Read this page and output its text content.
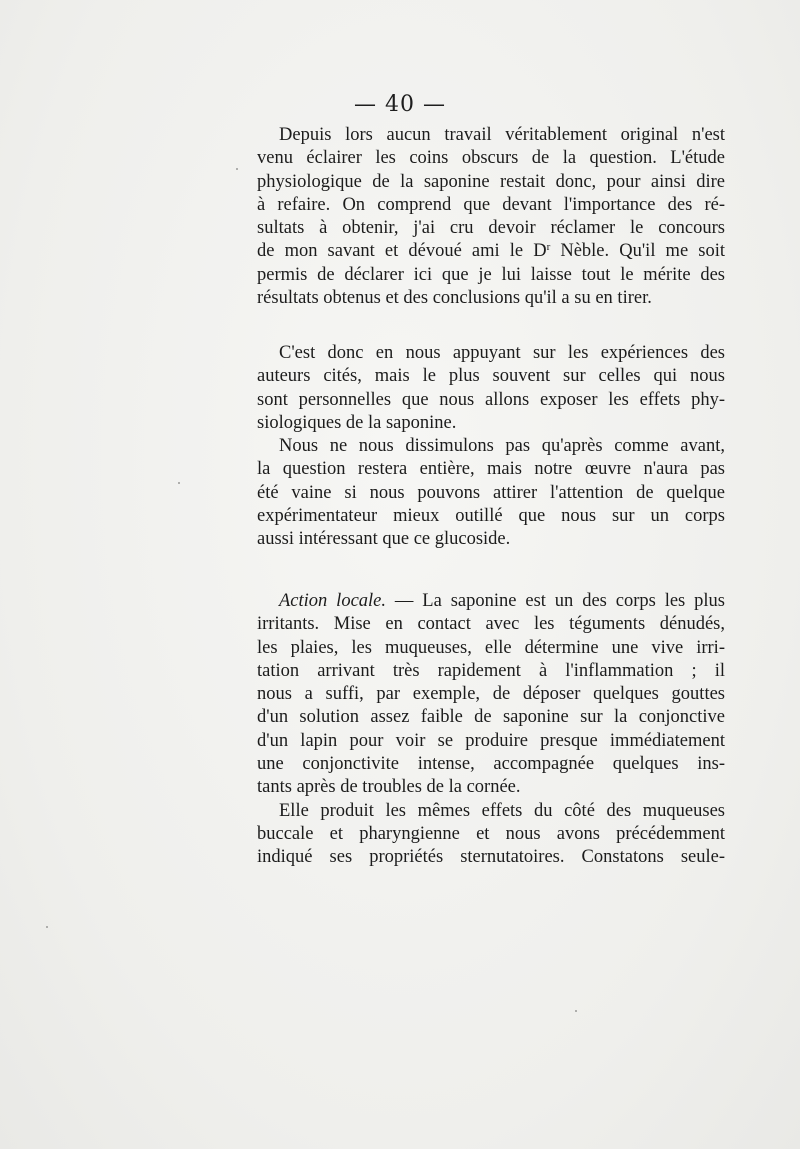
— 40 —
Depuis lors aucun travail véritablement original n'est
venu éclairer les coins obscurs de la question. L'étude
physiologique de la saponine restait donc, pour ainsi dire
à refaire. On comprend que devant l'importance des ré-
sultats à obtenir, j'ai cru devoir réclamer le concours
de mon savant et dévoué ami le $D^r$ Nèble. Qu'il me soit
permis de déclarer ici que je lui laisse tout le mérite des
résultats obtenus et des conclusions qu'il a su en tirer.
C'est donc en nous appuyant sur les expériences des
auteurs cités, mais le plus souvent sur celles qui nous
sont personnelles que nous allons exposer les effets phy-
siologiques de la saponine.
Nous ne nous dissimulons pas qu'après comme avant,
la question restera entière, mais notre œuvre n'aura pas
été vaine si nous pouvons attirer l'attention de quelque
expérimentateur mieux outillé que nous sur un corps
aussi intéressant que ce glucoside.
Action locale. — La saponine est un des corps les plus
irritants. Mise en contact avec les téguments dénudés,
les plaies, les muqueuses, elle détermine une vive irri-
tation arrivant très rapidement à l'inflammation ; il
nous a suffi, par exemple, de déposer quelques gouttes
d'un solution assez faible de saponine sur la conjonctive
d'un lapin pour voir se produire presque immédiatement
une conjonctivite intense, accompagnée quelques ins-
tants après de troubles de la cornée.
Elle produit les mêmes effets du côté des muqueuses
buccale et pharyngienne et nous avons précédemment
indiqué ses propriétés sternutatoires. Constatons seule-
